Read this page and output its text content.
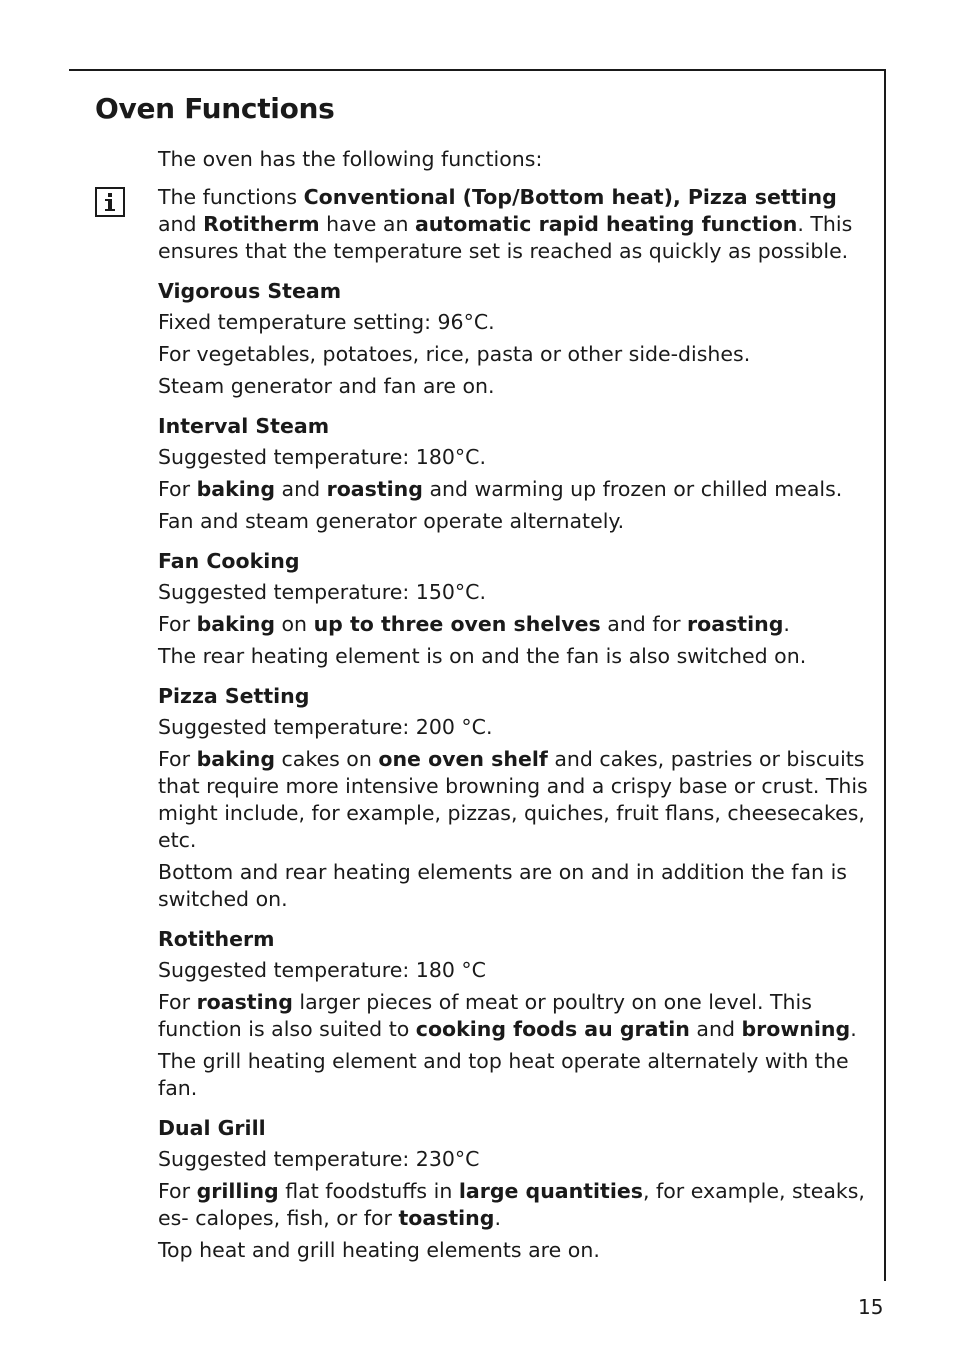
Oven Functions

The oven has the following functions:

The functions Conventional (Top/Bottom heat), Pizza setting and Rotitherm have an automatic rapid heating function. This ensures that the temperature set is reached as quickly as possible.

Vigorous Steam

Fixed temperature setting: 96°C.

For vegetables, potatoes, rice, pasta or other side-dishes.

Steam generator and fan are on.

Interval Steam

Suggested temperature: 180°C.

For baking and roasting and warming up frozen or chilled meals.

Fan and steam generator operate alternately.

Fan Cooking

Suggested temperature: 150°C.

For baking on up to three oven shelves and for roasting.

The rear heating element is on and the fan is also switched on.

Pizza Setting

Suggested temperature: 200 °C.

For baking cakes on one oven shelf and cakes, pastries or biscuits that require more intensive browning and a crispy base or crust. This might include, for example, pizzas, quiches, fruit flans, cheesecakes, etc.

Bottom and rear heating elements are on and in addition the fan is switched on.

Rotitherm

Suggested temperature: 180 °C

For roasting larger pieces of meat or poultry on one level. This function is also suited to cooking foods au gratin and browning.

The grill heating element and top heat operate alternately with the fan.

Dual Grill

Suggested temperature: 230°C

For grilling flat foodstuffs in large quantities, for example, steaks, es- calopes, fish, or for toasting.

Top heat and grill heating elements are on.

15
